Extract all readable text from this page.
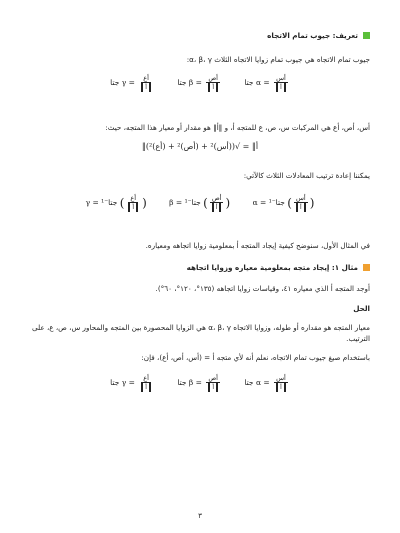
تعريف: جيوب تمام الاتجاه
جيوب تمام الاتجاه هي جيوب تمام زوايا الاتجاه الثلاث α، β، γ:
جتا $\gamma = \frac{\text{أع}}{\text{أ}}$	جتا $\beta = \frac{\text{أص}}{\text{أ}}$	جتا $\alpha = \frac{\text{أس}}{\text{أ}}$
أس، أص، أع هي المركبات س، ص، ع للمتجه أ، و ‖أ‖ هو مقدار أو معيار هذا المتجه، حيث:
‖أ‖ = √((أس)² + (أص)² + (أع)²)
يمكننا إعادة ترتيب المعادلات الثلاث كالآتي:
γ = جتا⁻¹ ( $\frac{\text{أع}}{\text{أ}}$ )	β = جتا⁻¹ ( $\frac{\text{أص}}{\text{أ}}$ )	α = جتا⁻¹ ( $\frac{\text{أس}}{\text{أ}}$ )
في المثال الأول، سنوضح كيفية إيجاد المتجه أ بمعلومية زوايا اتجاهه ومعياره.
مثال ١: إيجاد متجه بمعلومية معياره وزوايا اتجاهه
أوجد المتجه أ الذي معياره ٤١، وقياسات زوايا اتجاهه (١٣٥°، ١٢٠°، ٦٠°).
الحل
معيار المتجه هو مقداره أو طوله، وزوايا الاتجاه α، β، γ هي الزوايا المحصورة بين المتجه والمحاور س، ص، ع، على الترتيب.
باستخدام صيغ جيوب تمام الاتجاه، نعلم أنه لأي متجه أ = (أس، أص، أع)، فإن:
جتا $\gamma = \frac{\text{أع}}{\text{أ}}$	جتا $\beta = \frac{\text{أص}}{\text{أ}}$	جتا $\alpha = \frac{\text{أس}}{\text{أ}}$
٣
